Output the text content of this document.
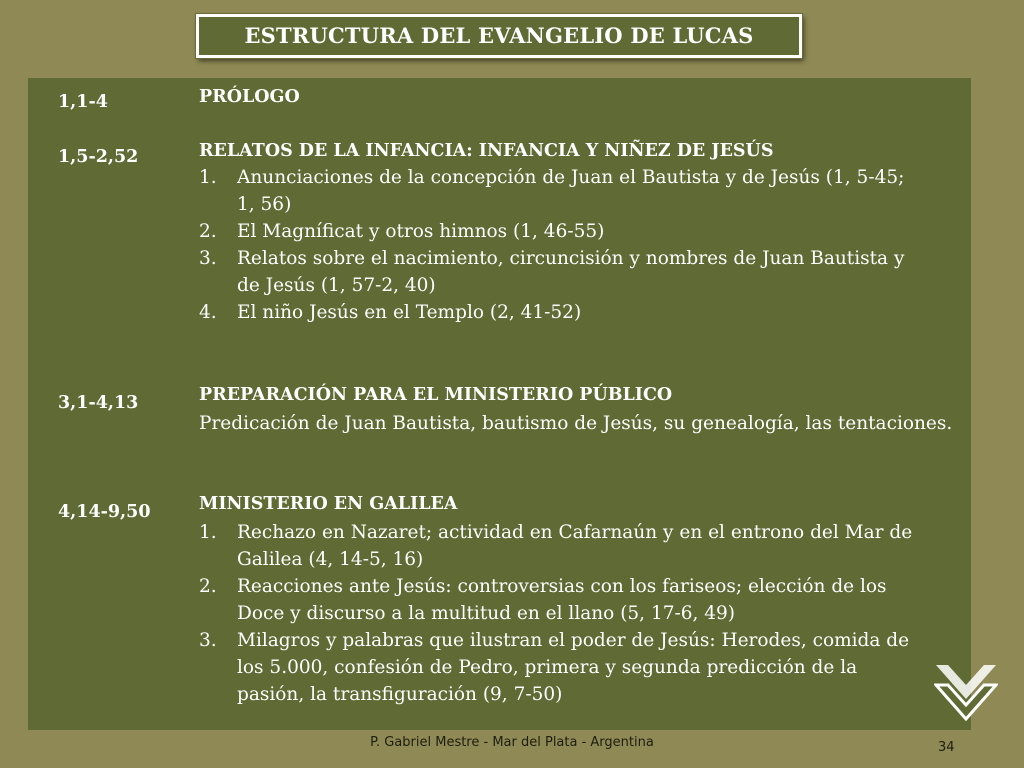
ESTRUCTURA DEL EVANGELIO DE LUCAS
1,1-4	PRÓLOGO
1,5-2,52	RELATOS DE LA INFANCIA: INFANCIA Y NIÑEZ DE JESÚS
1. Anunciaciones de la concepción de Juan el Bautista y de Jesús (1, 5-45; 1, 56)
2. El Magníficat y otros himnos (1, 46-55)
3. Relatos sobre el nacimiento, circuncisión y nombres de Juan Bautista y de Jesús (1, 57-2, 40)
4. El niño Jesús en el Templo (2, 41-52)
3,1-4,13	PREPARACIÓN PARA EL MINISTERIO PÚBLICO
Predicación de Juan Bautista, bautismo de Jesús, su genealogía, las tentaciones.
4,14-9,50	MINISTERIO EN GALILEA
1. Rechazo en Nazaret; actividad en Cafarnaún y en el entrono del Mar de Galilea (4, 14-5, 16)
2. Reacciones ante Jesús: controversias con los fariseos; elección de los Doce y discurso a la multitud en el llano (5, 17-6, 49)
3. Milagros y palabras que ilustran el poder de Jesús: Herodes, comida de los 5.000, confesión de Pedro, primera y segunda predicción de la pasión, la transfiguración (9, 7-50)
P. Gabriel Mestre - Mar del Plata - Argentina	34
